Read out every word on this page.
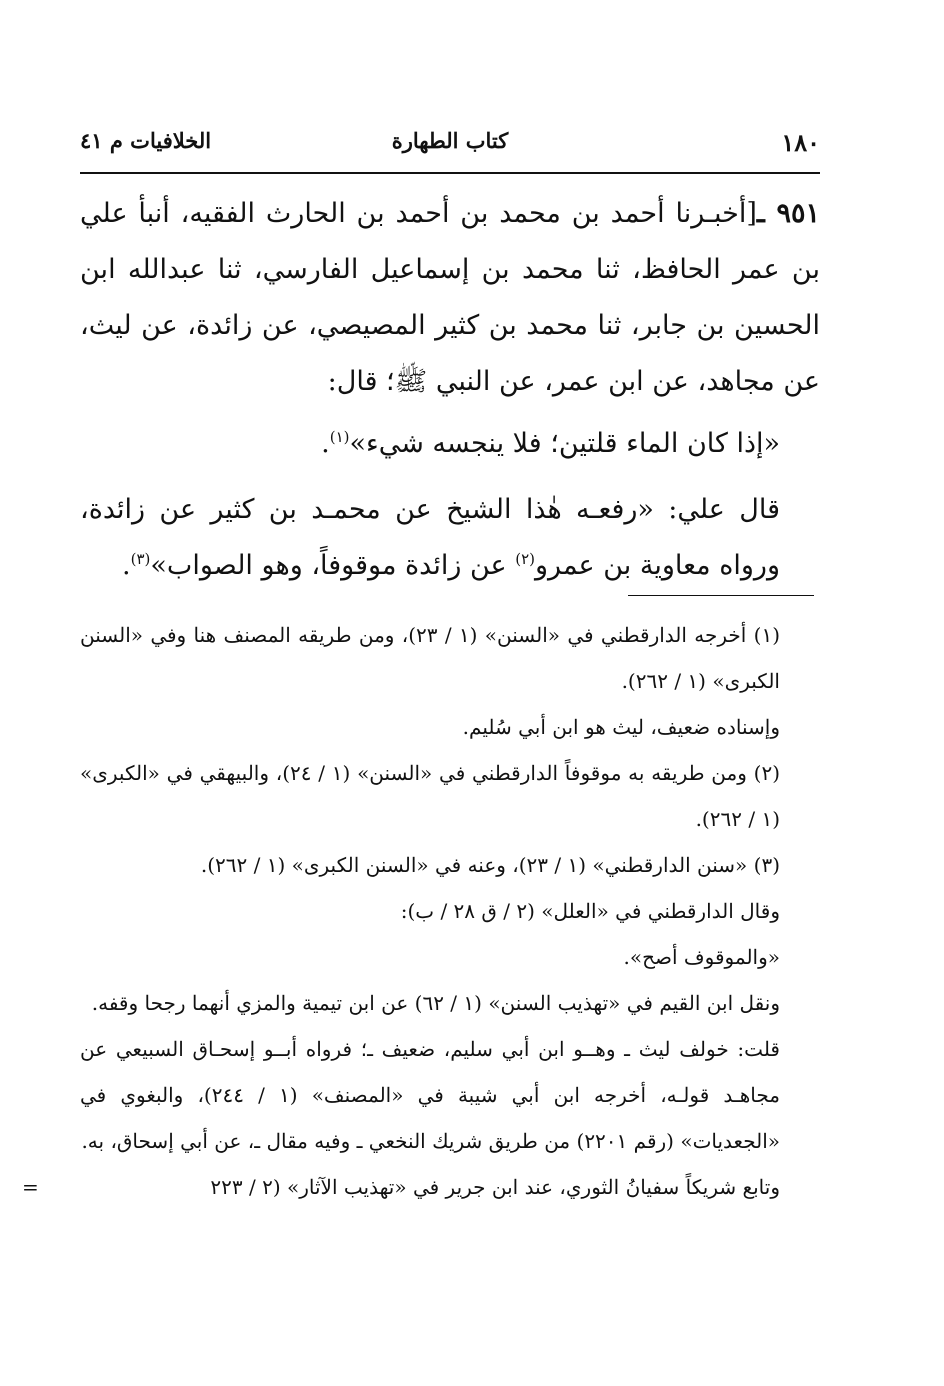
١٨٠
كتاب الطهارة
الخلافيات م ٤١

٩٥١ ـ[أخبـرنا أحمد بن محمد بن أحمد بن الحارث الفقيه، أنبأ علي بن عمر الحافظ، ثنا محمد بن إسماعيل الفارسي، ثنا عبدالله ابن الحسين بن جابر، ثنا محمد بن كثير المصيصي، عن زائدة، عن ليث، عن مجاهد، عن ابن عمر، عن النبي ﷺ؛ قال:

«إذا كان الماء قلتين؛ فلا ينجسه شيء»$^{(١)}$.

قال علي: «رفعـه هٰذا الشيخ عن محمـد بن كثير عن زائدة، ورواه معاوية بن عمرو$^{(٢)}$ عن زائدة موقوفاً، وهو الصواب»$^{(٣)}$.

(١) أخرجه الدارقطني في «السنن» (١ / ٢٣)، ومن طريقه المصنف هنا وفي «السنن الكبرى» (١ / ٢٦٢).

وإسناده ضعيف، ليث هو ابن أبي سُليم.

(٢) ومن طريقه به موقوفاً الدارقطني في «السنن» (١ / ٢٤)، والبيهقي في «الكبرى» (١ / ٢٦٢).

(٣) «سنن الدارقطني» (١ / ٢٣)، وعنه في «السنن الكبرى» (١ / ٢٦٢).

وقال الدارقطني في «العلل» (٢ / ق ٢٨ / ب):

«والموقوف أصح».

ونقل ابن القيم في «تهذيب السنن» (١ / ٦٢) عن ابن تيمية والمزي أنهما رجحا وقفه.

قلت: خولف ليث ـ وهــو ابن أبي سليم، ضعيف ـ؛ فرواه أبــو إسحـاق السبيعي عن مجاهـد قولـه، أخرجه ابن أبي شيبة في «المصنف» (١ / ٢٤٤)، والبغوي في «الجعديات» (رقم ٢٢٠١) من طريق شريك النخعي ـ وفيه مقال ـ، عن أبي إسحاق، به.

وتابع شريكاً سفيانُ الثوري، عند ابن جرير في «تهذيب الآثار» (٢ / ٢٢٣
=
